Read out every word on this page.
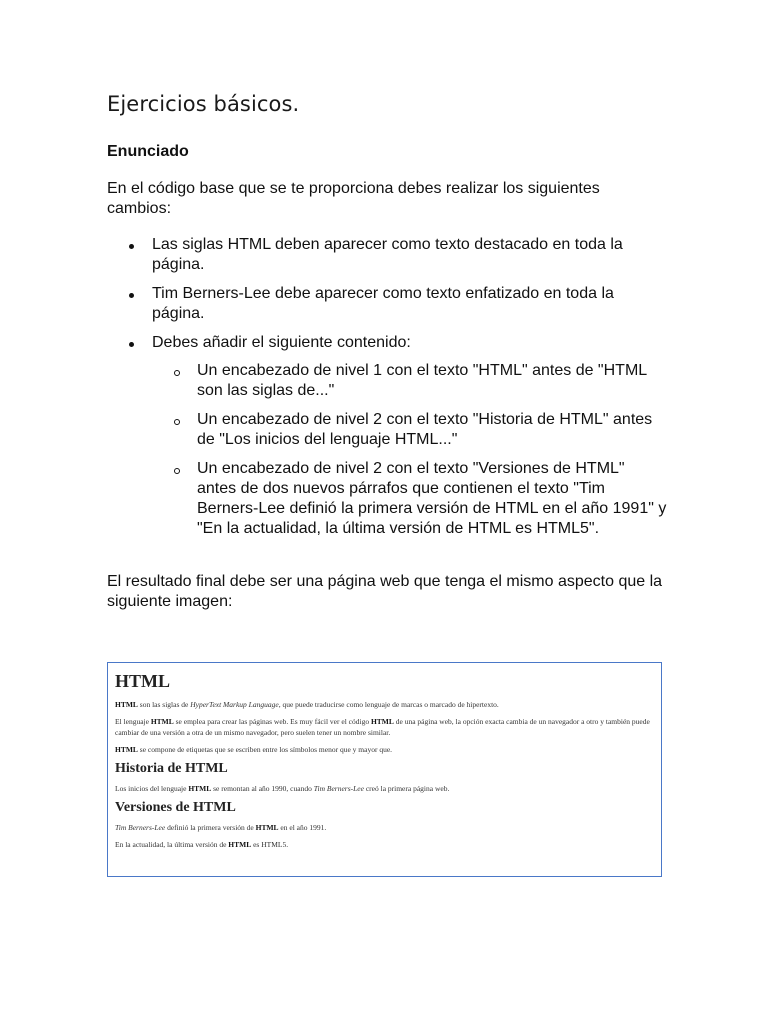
Ejercicios básicos.
Enunciado

En el código base que se te proporciona debes realizar los siguientes cambios:

Las siglas HTML deben aparecer como texto destacado en toda la página.
Tim Berners-Lee debe aparecer como texto enfatizado en toda la página.
Debes añadir el siguiente contenido:
Un encabezado de nivel 1 con el texto "HTML" antes de "HTML son las siglas de..."
Un encabezado de nivel 2 con el texto "Historia de HTML" antes de "Los inicios del lenguaje HTML..."
Un encabezado de nivel 2 con el texto "Versiones de HTML" antes de dos nuevos párrafos que contienen el texto "Tim Berners-Lee definió la primera versión de HTML en el año 1991" y "En la actualidad, la última versión de HTML es HTML5".

El resultado final debe ser una página web que tenga el mismo aspecto que la siguiente imagen:

HTML

HTML son las siglas de HyperText Markup Language, que puede traducirse como lenguaje de marcas o marcado de hipertexto.

El lenguaje HTML se emplea para crear las páginas web. Es muy fácil ver el código HTML de una página web, la opción exacta cambia de un navegador a otro y también puede cambiar de una versión a otra de un mismo navegador, pero suelen tener un nombre similar.

HTML se compone de etiquetas que se escriben entre los símbolos menor que y mayor que.

Historia de HTML

Los inicios del lenguaje HTML se remontan al año 1990, cuando Tim Berners-Lee creó la primera página web.

Versiones de HTML

Tim Berners-Lee definió la primera versión de HTML en el año 1991.

En la actualidad, la última versión de HTML es HTML5.
